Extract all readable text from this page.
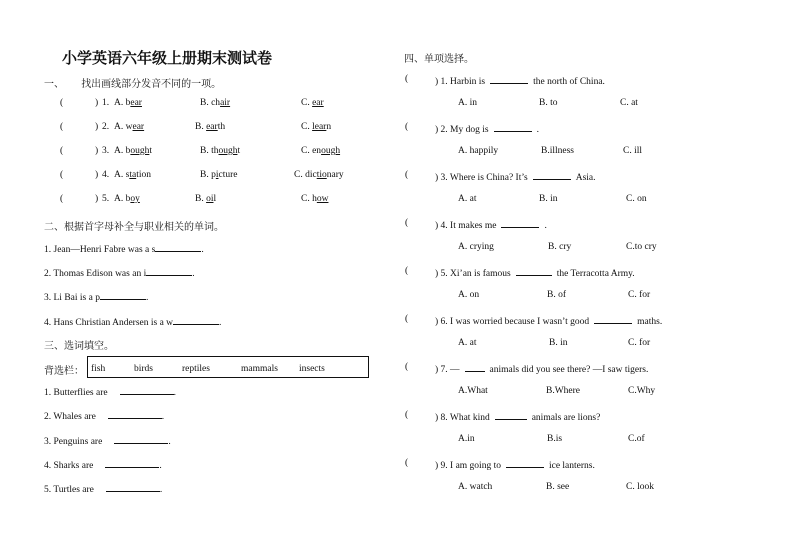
小学英语六年级上册期末测试卷
一、 找出画线部分发音不同的一项。
(	) 1. A. bear	B. chair	C. ear
(	) 2. A. wear	B. earth	C. learn
(	) 3. A. bought	B. thought	C. enough
(	) 4. A. station	B. picture	C. dictionary
(	) 5. A. boy	B. oil	C. how
二、根据首字母补全与职业相关的单词。
1. Jean—Henri Fabre was a s	.
2. Thomas Edison was an i	.
3. Li Bai is a p	.
4. Hans Christian Andersen is a w	.
三、选词填空。
背选栏： fish	birds	reptiles	mammals insects
1. Butterflies are	.
2. Whales are	.
3. Penguins are	.
4. Sharks are	.
5. Turtles are	.
四、单项选择。
(	) 1. Harbin is	the north of China.
A. in	B. to	C. at
(	) 2. My dog is	.
A. happily	B.illness	C. ill
(	) 3. Where is China? It’s	Asia.
A. at	B. in	C. on
(	) 4. It makes me	.
A. crying	B. cry	C.to cry
(	) 5. Xi’an is famous	the Terracotta Army.
A. on	B. of	C. for
(	) 6. I was worried because I wasn’t good	maths.
A. at	B. in	C. for
(	) 7. —	animals did you see there? —I saw tigers.
A.What	B.Where	C.Why
(	) 8. What kind	animals are lions?
A.in	B.is	C.of
(	) 9. I am going to	ice lanterns.
A. watch	B. see	C. look
